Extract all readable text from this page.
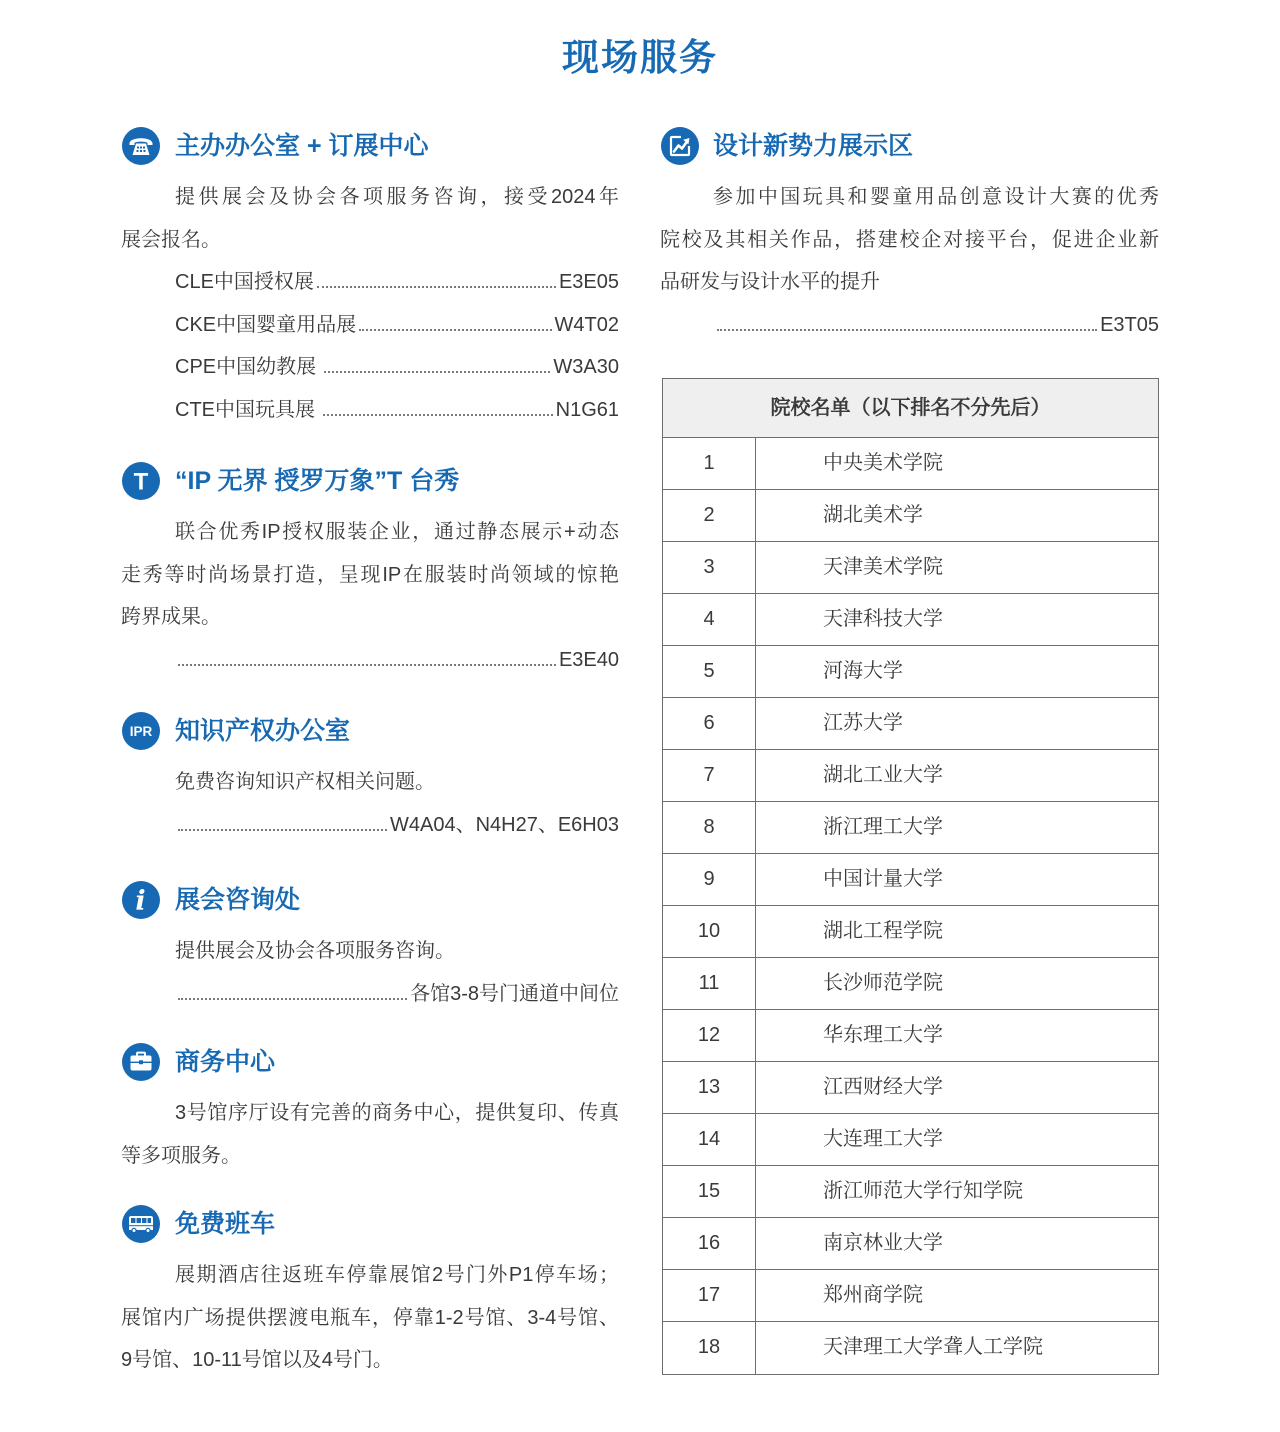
现场服务
主办办公室 + 订展中心
提供展会及协会各项服务咨询，接受2024年
展会报名。
CLE中国授权展	E3E05
CKE中国婴童用品展	W4T02
CPE中国幼教展	W3A30
CTE中国玩具展	N1G61
T “IP 无界 授罗万象”T 台秀
联合优秀IP授权服装企业，通过静态展示+动态
走秀等时尚场景打造，呈现IP在服装时尚领域的惊艳
跨界成果。
E3E40
IPR 知识产权办公室
免费咨询知识产权相关问题。
W4A04、N4H27、E6H03
i 展会咨询处
提供展会及协会各项服务咨询。
各馆3-8号门通道中间位
商务中心
3号馆序厅设有完善的商务中心，提供复印、传真
等多项服务。
免费班车
展期酒店往返班车停靠展馆2号门外P1停车场；
展馆内广场提供摆渡电瓶车，停靠1-2号馆、3-4号馆、
9号馆、10-11号馆以及4号门。
设计新势力展示区
参加中国玩具和婴童用品创意设计大赛的优秀
院校及其相关作品，搭建校企对接平台，促进企业新
品研发与设计水平的提升
E3T05
院校名单（以下排名不分先后）
1	中央美术学院
2	湖北美术学
3	天津美术学院
4	天津科技大学
5	河海大学
6	江苏大学
7	湖北工业大学
8	浙江理工大学
9	中国计量大学
10	湖北工程学院
11	长沙师范学院
12	华东理工大学
13	江西财经大学
14	大连理工大学
15	浙江师范大学行知学院
16	南京林业大学
17	郑州商学院
18	天津理工大学聋人工学院
